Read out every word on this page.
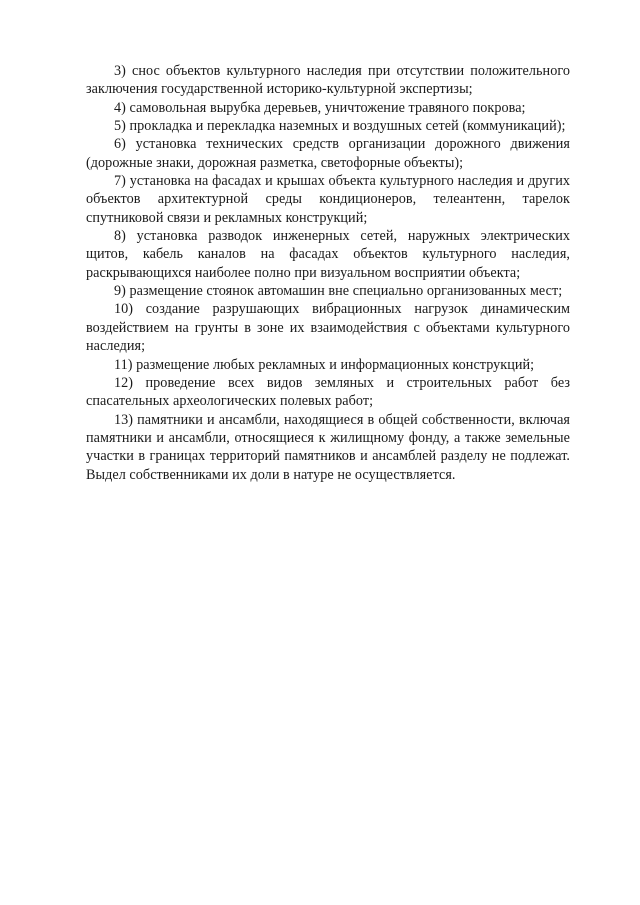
3) снос объектов культурного наследия при отсутствии положительного заключения государственной историко-культурной экспертизы;

4) самовольная вырубка деревьев, уничтожение травяного покрова;

5) прокладка и перекладка наземных и воздушных сетей (коммуникаций);

6) установка технических средств организации дорожного движения (дорожные знаки, дорожная разметка, светофорные объекты);

7) установка на фасадах и крышах объекта культурного наследия и других объектов архитектурной среды кондиционеров, телеантенн, тарелок спутниковой связи и рекламных конструкций;

8) установка разводок инженерных сетей, наружных электрических щитов, кабель каналов на фасадах объектов культурного наследия, раскрывающихся наиболее полно при визуальном восприятии объекта;

9) размещение стоянок автомашин вне специально организованных мест;

10) создание разрушающих вибрационных нагрузок динамическим воздействием на грунты в зоне их взаимодействия с объектами культурного наследия;

11) размещение любых рекламных и информационных конструкций;

12) проведение всех видов земляных и строительных работ без спасательных археологических полевых работ;

13) памятники и ансамбли, находящиеся в общей собственности, включая памятники и ансамбли, относящиеся к жилищному фонду, а также земельные участки в границах территорий памятников и ансамблей разделу не подлежат. Выдел собственниками их доли в натуре не осуществляется.
